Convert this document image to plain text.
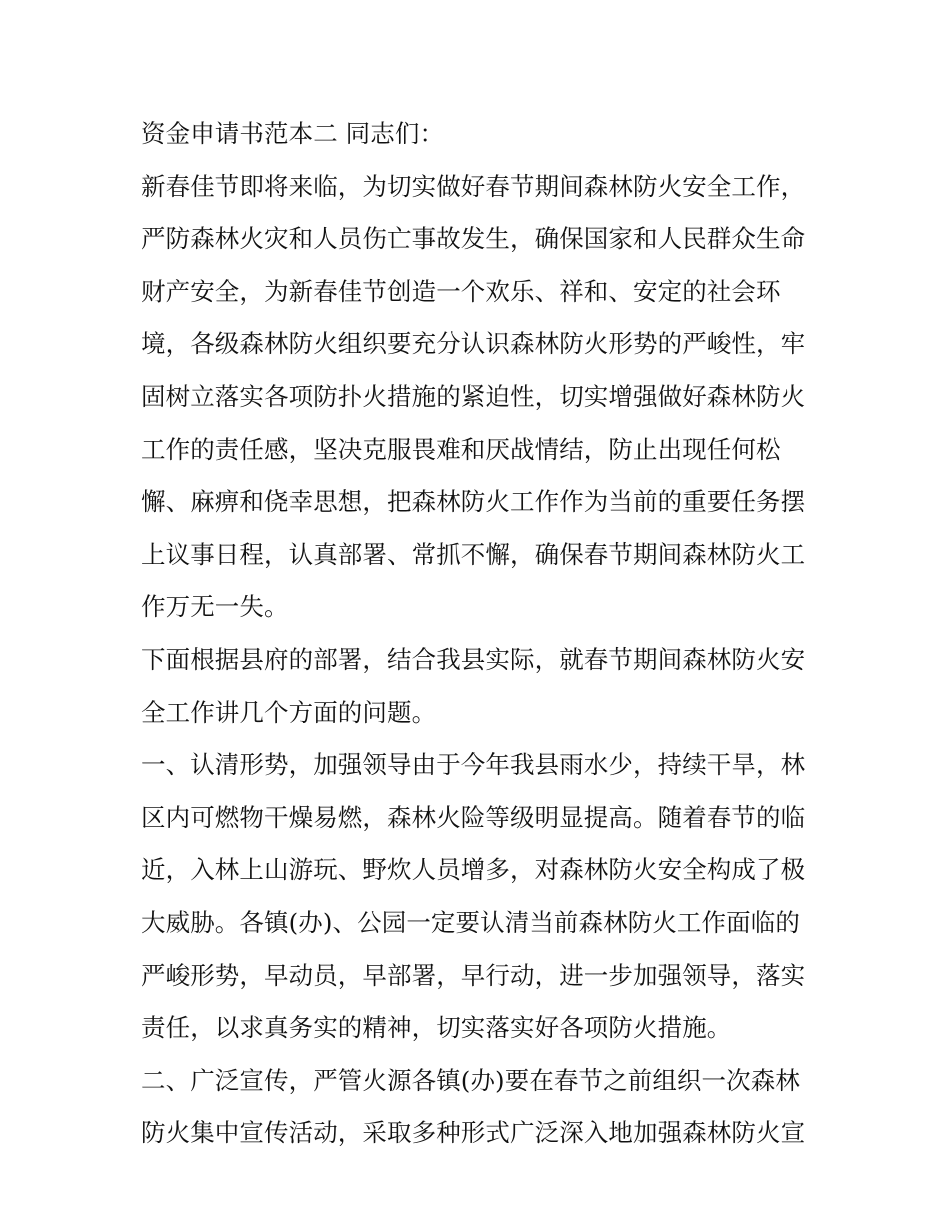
资金申请书范本二 同志们：

新春佳节即将来临，为切实做好春节期间森林防火安全工作，
严防森林火灾和人员伤亡事故发生，确保国家和人民群众生命
财产安全，为新春佳节创造一个欢乐、祥和、安定的社会环
境，各级森林防火组织要充分认识森林防火形势的严峻性，牢
固树立落实各项防扑火措施的紧迫性，切实增强做好森林防火
工作的责任感，坚决克服畏难和厌战情结，防止出现任何松
懈、麻痹和侥幸思想，把森林防火工作作为当前的重要任务摆
上议事日程，认真部署、常抓不懈，确保春节期间森林防火工
作万无一失。

下面根据县府的部署，结合我县实际，就春节期间森林防火安
全工作讲几个方面的问题。

一、认清形势，加强领导由于今年我县雨水少，持续干旱，林
区内可燃物干燥易燃，森林火险等级明显提高。随着春节的临
近，入林上山游玩、野炊人员增多，对森林防火安全构成了极
大威胁。各镇(办)、公园一定要认清当前森林防火工作面临的
严峻形势，早动员，早部署，早行动，进一步加强领导，落实
责任，以求真务实的精神，切实落实好各项防火措施。

二、广泛宣传，严管火源各镇(办)要在春节之前组织一次森林
防火集中宣传活动，采取多种形式广泛深入地加强森林防火宣
